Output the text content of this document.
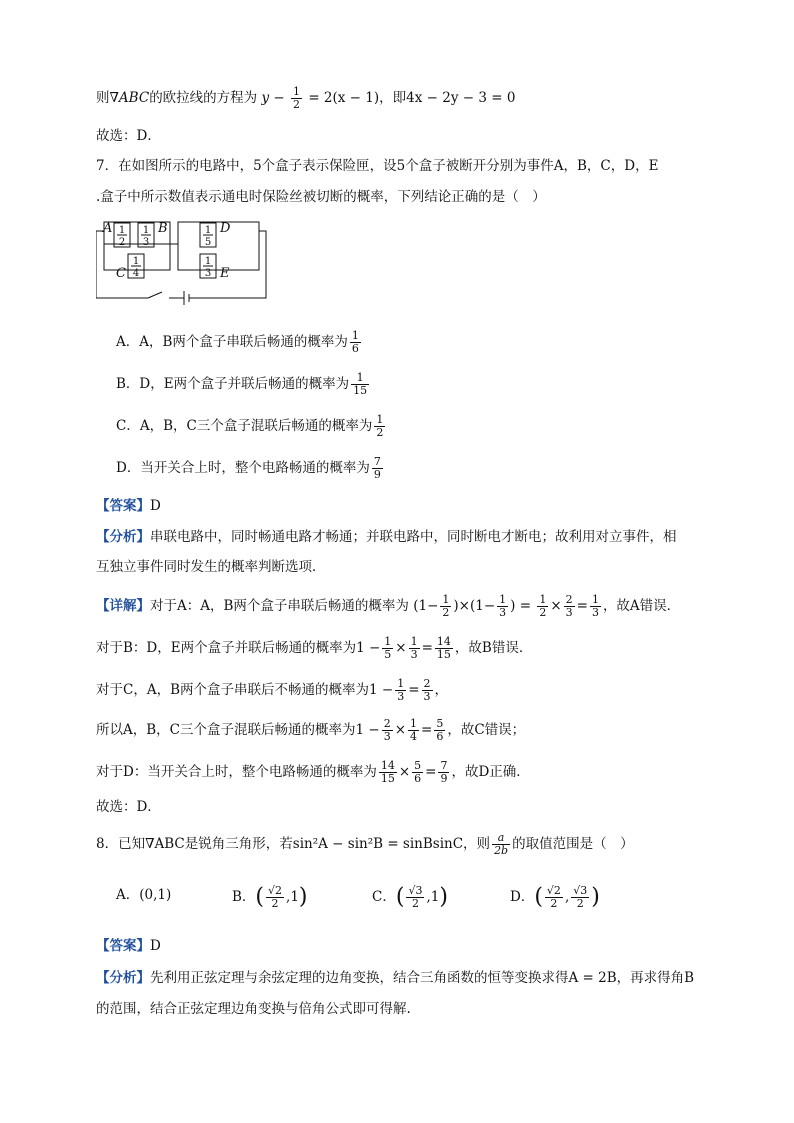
则∇ABC的欧拉线的方程为 $y - \frac{1}{2} = 2(x - 1)$，即4x − 2y − 3 = 0
故选：D．
7．在如图所示的电路中，5个盒子表示保险匣，设5个盒子被断开分别为事件A，B，C，D，E
.盒子中所示数值表示通电时保险丝被切断的概率，下列结论正确的是（　）
1
2
1
3
1
4
1
5
1
3
A	B
C
D
E
A．A，B两个盒子串联后畅通的概率为 $\frac{1}{6}$
B．D，E两个盒子并联后畅通的概率为 $\frac{1}{15}$
C．A，B，C三个盒子混联后畅通的概率为 $\frac{1}{2}$
D．当开关合上时，整个电路畅通的概率为 $\frac{7}{9}$
【答案】D
【分析】串联电路中，同时畅通电路才畅通；并联电路中，同时断电才断电；故利用对立事件，相
互独立事件同时发生的概率判断选项．
【详解】对于A：A，B两个盒子串联后畅通的概率为 $(1- \frac{1}{2} )\times(1- \frac{1}{3}$ ) = $\frac{1}{2} \times \frac{2}{3} = \frac{1}{3}$ ，故A错误．
对于B：D，E两个盒子并联后畅通的概率为$1 - \frac{1}{5} \times \frac{1}{3} = \frac{14}{15}$ ，故B错误．
对于C，A，B两个盒子串联后不畅通的概率为$1 - \frac{1}{3} = \frac{2}{3}$ ，
所以A，B，C三个盒子混联后畅通的概率为$1 - \frac{2}{3} \times \frac{1}{4} = \frac{5}{6}$ ，故C错误；
对于D：当开关合上时，整个电路畅通的概率为 $\frac{14}{15} \times \frac{5}{6} = \frac{7}{9}$ ，故D正确．
故选：D．
8．已知∇ABC是锐角三角形，若sin²A − sin²B = sinBsinC，则 $\frac{a}{2b}$ 的取值范围是（　）
A．(0,1)	B．( $\frac{√2}{2} ,1$)	C．( $\frac{√3}{2} ,1$)	D．( $\frac{√2}{2}$ , $\frac{√3}{2}$ )
【答案】D
【分析】先利用正弦定理与余弦定理的边角变换，结合三角函数的恒等变换求得A = 2B，再求得角B
的范围，结合正弦定理边角变换与倍角公式即可得解.
